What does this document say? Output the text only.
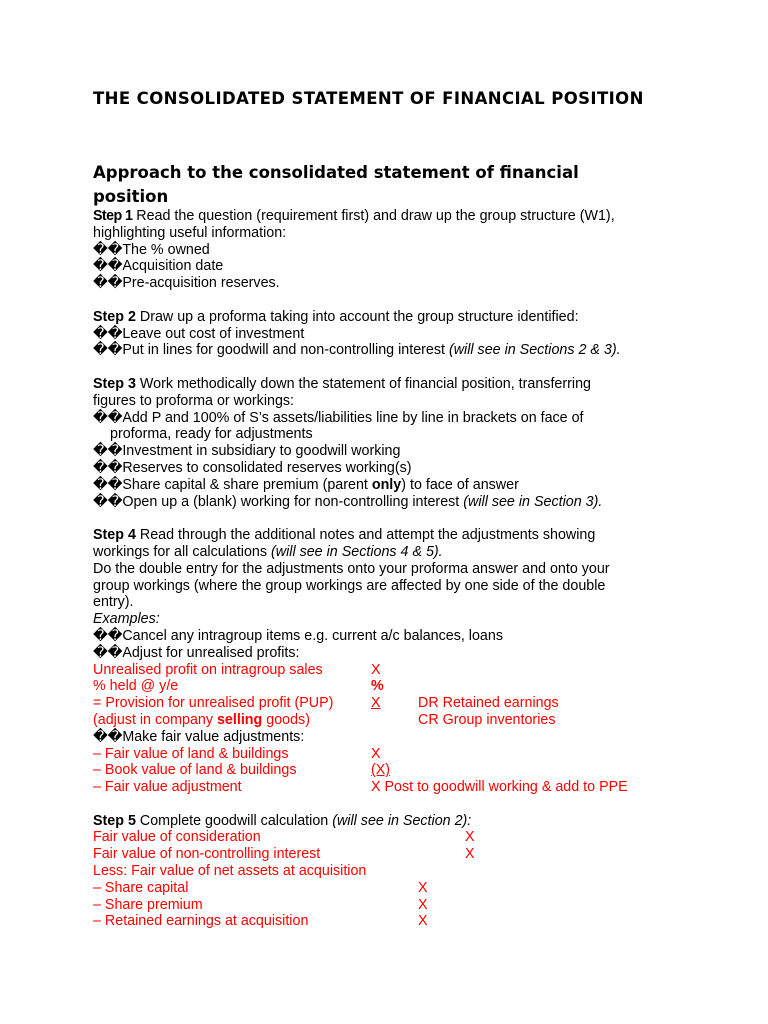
THE CONSOLIDATED STATEMENT OF FINANCIAL POSITION
Approach to the consolidated statement of financial position
Step 1 Read the question (requirement first) and draw up the group structure (W1),
highlighting useful information:
��The % owned
��Acquisition date
��Pre-acquisition reserves.
Step 2 Draw up a proforma taking into account the group structure identified:
��Leave out cost of investment
��Put in lines for goodwill and non-controlling interest (will see in Sections 2 & 3).
Step 3 Work methodically down the statement of financial position, transferring
figures to proforma or workings:
��Add P and 100% of S’s assets/liabilities line by line in brackets on face of
proforma, ready for adjustments
��Investment in subsidiary to goodwill working
��Reserves to consolidated reserves working(s)
��Share capital & share premium (parent only) to face of answer
��Open up a (blank) working for non-controlling interest (will see in Section 3).
Step 4 Read through the additional notes and attempt the adjustments showing
workings for all calculations (will see in Sections 4 & 5).
Do the double entry for the adjustments onto your proforma answer and onto your
group workings (where the group workings are affected by one side of the double
entry).
Examples:
��Cancel any intragroup items e.g. current a/c balances, loans
��Adjust for unrealised profits:
Unrealised profit on intragroup sales	X
% held @ y/e	%
= Provision for unrealised profit (PUP)	X	DR Retained earnings
(adjust in company selling goods)	CR Group inventories
��Make fair value adjustments:
– Fair value of land & buildings	X
– Book value of land & buildings	(X)
– Fair value adjustment	X Post to goodwill working & add to PPE
Step 5 Complete goodwill calculation (will see in Section 2):
Fair value of consideration	X
Fair value of non-controlling interest	X
Less: Fair value of net assets at acquisition
– Share capital	X
– Share premium	X
– Retained earnings at acquisition	X
